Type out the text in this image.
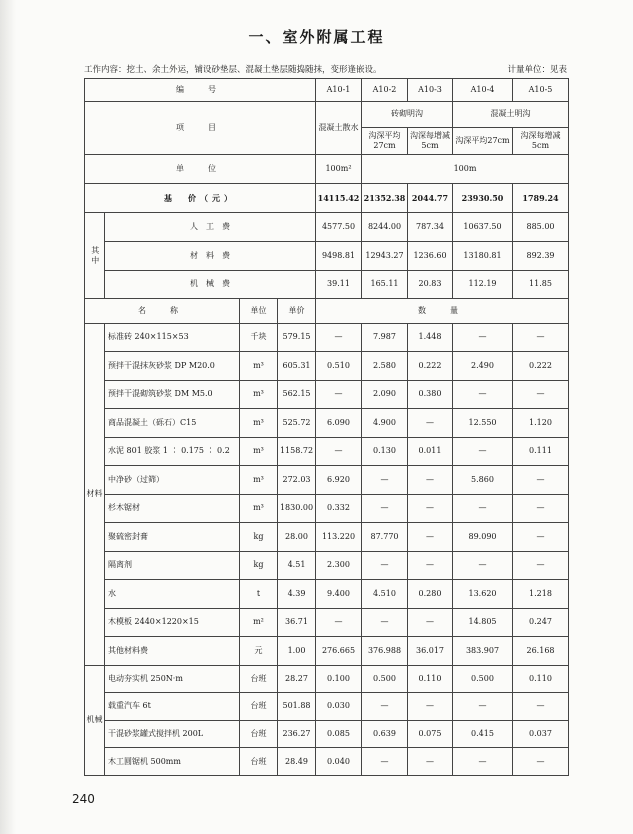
一、室外附属工程
工作内容：挖土、余土外运，铺设砂垫层、混凝土垫层随捣随抹，变形逢嵌设。	计量单位：见表
编　号				A10-1	A10-2	A10-3	A10-4	A10-5
项　目				混凝土散水	砖砌明沟		混凝土明沟	
					沟深平均27cm	沟深每增减5cm	沟深平均27cm	沟深每增减5cm
单　位				100m²	100m			
基　价（元）				14115.42	21352.38	2044.77	23930.50	1789.24
其中	人　工　费			4577.50	8244.00	787.34	10637.50	885.00
	材　料　费			9498.81	12943.27	1236.60	13180.81	892.39
	机　械　费			39.11	165.11	20.83	112.19	11.85
名　称		单位	单价	数　量				
材料	标准砖 240×115×53	千块	579.15	—	7.987	1.448	—	—
	预拌干混抹灰砂浆 DP M20.0	m³	605.31	0.510	2.580	0.222	2.490	0.222
	预拌干混砌筑砂浆 DM M5.0	m³	562.15	—	2.090	0.380	—	—
	商品混凝土（砾石）C15	m³	525.72	6.090	4.900	—	12.550	1.120
	水泥 801 胶浆 1 ∶ 0.175 ∶ 0.2	m³	1158.72	—	0.130	0.011	—	0.111
	中净砂（过筛）	m³	272.03	6.920	—	—	5.860	—
	杉木锯材	m³	1830.00	0.332	—	—	—	—
	聚硫密封膏	kg	28.00	113.220	87.770	—	89.090	—
	隔离剂	kg	4.51	2.300	—	—	—	—
	水	t	4.39	9.400	4.510	0.280	13.620	1.218
	木模板 2440×1220×15	m²	36.71	—	—	—	14.805	0.247
	其他材料费	元	1.00	276.665	376.988	36.017	383.907	26.168
机械	电动夯实机 250N·m	台班	28.27	0.100	0.500	0.110	0.500	0.110
	载重汽车 6t	台班	501.88	0.030	—	—	—	—
	干混砂浆罐式搅拌机 200L	台班	236.27	0.085	0.639	0.075	0.415	0.037
	木工圆锯机 500mm	台班	28.49	0.040	—	—	—	—
240
